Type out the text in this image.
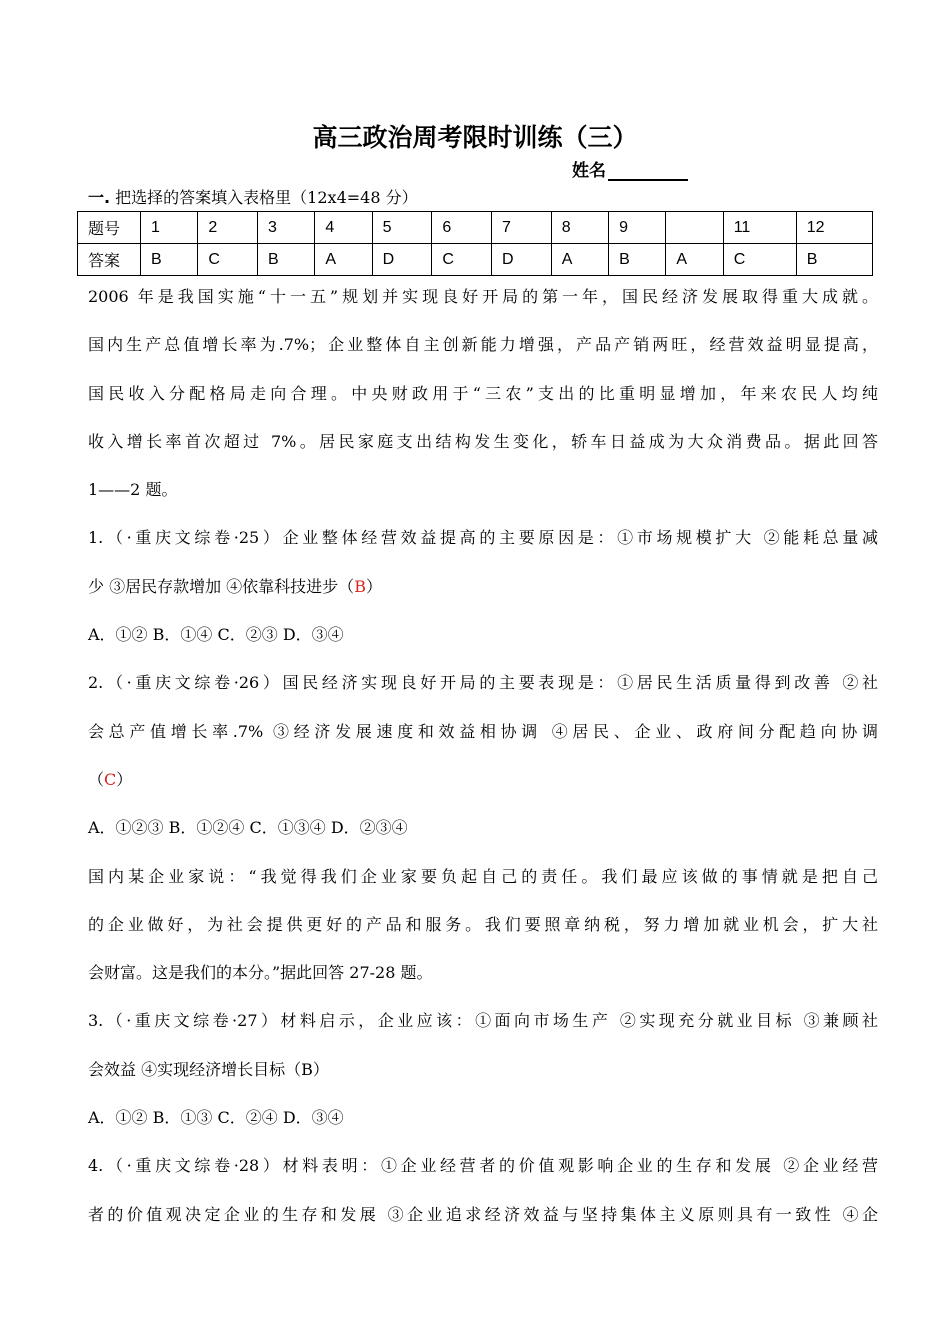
高三政治周考限时训练（三）
姓名
一. 把选择的答案填入表格里（12x4=48 分）
题号	1	2	3	4	5	6	7	8	9		11	12
答案	B	C	B	A	D	C	D	A	B	A	C	B
2006 年是我国实施“十一五”规划并实现良好开局的第一年，国民经济发展取得重大成就。
国内生产总值增长率为.7%；企业整体自主创新能力增强，产品产销两旺，经营效益明显提高，
国民收入分配格局走向合理。中央财政用于“三农”支出的比重明显增加，年来农民人均纯
收入增长率首次超过 7%。居民家庭支出结构发生变化，轿车日益成为大众消费品。据此回答
1——2 题。
1.（·重庆文综卷·25）企业整体经营效益提高的主要原因是：①市场规模扩大 ②能耗总量减
少 ③居民存款增加 ④依靠科技进步（B）
A．①② B．①④ C．②③ D．③④
2.（·重庆文综卷·26）国民经济实现良好开局的主要表现是：①居民生活质量得到改善 ②社
会总产值增长率.7% ③经济发展速度和效益相协调 ④居民、企业、政府间分配趋向协调
（C）
A．①②③ B．①②④ C．①③④ D．②③④
国内某企业家说：“我觉得我们企业家要负起自己的责任。我们最应该做的事情就是把自己
的企业做好，为社会提供更好的产品和服务。我们要照章纳税，努力增加就业机会，扩大社
会财富。这是我们的本分。”据此回答 27-28 题。
3.（·重庆文综卷·27）材料启示，企业应该：①面向市场生产 ②实现充分就业目标 ③兼顾社
会效益 ④实现经济增长目标（B）
A．①② B．①③ C．②④ D．③④
4.（·重庆文综卷·28）材料表明：①企业经营者的价值观影响企业的生存和发展 ②企业经营
者的价值观决定企业的生存和发展 ③企业追求经济效益与坚持集体主义原则具有一致性 ④企
